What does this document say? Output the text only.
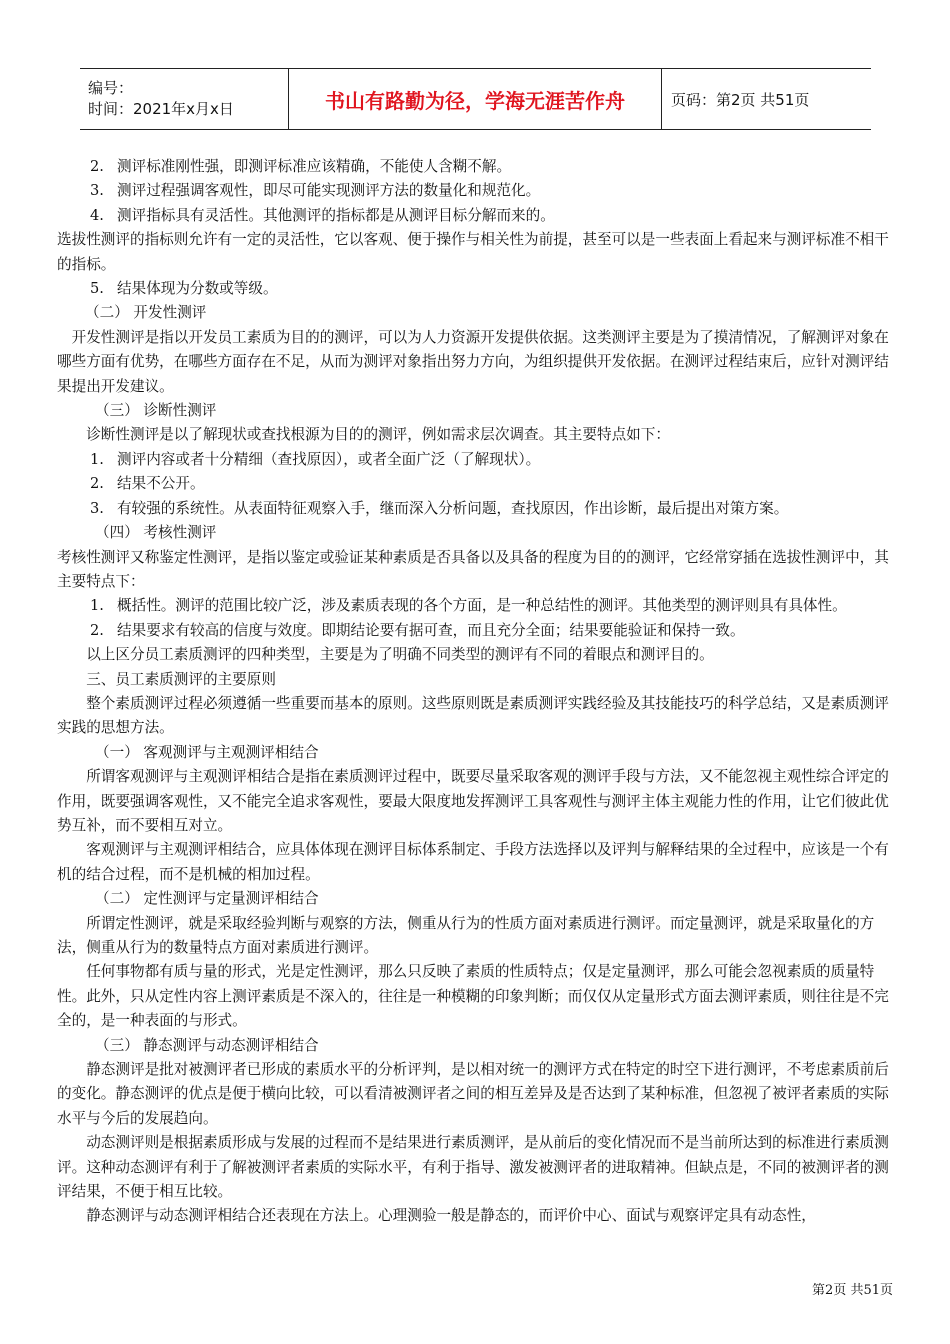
编号：
时间：2021年x月x日	书山有路勤为径，学海无涯苦作舟	页码：第2页 共51页
2. 测评标准刚性强，即测评标准应该精确，不能使人含糊不解。
3. 测评过程强调客观性，即尽可能实现测评方法的数量化和规范化。
4. 测评指标具有灵活性。其他测评的指标都是从测评目标分解而来的。
选拔性测评的指标则允许有一定的灵活性，它以客观、便于操作与相关性为前提，甚至可以是一些表面上看起来与测评标准不相干的指标。
5. 结果体现为分数或等级。
（二） 开发性测评
开发性测评是指以开发员工素质为目的的测评，可以为人力资源开发提供依据。这类测评主要是为了摸清情况，了解测评对象在哪些方面有优势，在哪些方面存在不足，从而为测评对象指出努力方向，为组织提供开发依据。在测评过程结束后，应针对测评结果提出开发建议。
（三） 诊断性测评
诊断性测评是以了解现状或查找根源为目的的测评，例如需求层次调查。其主要特点如下：
1. 测评内容或者十分精细（查找原因），或者全面广泛（了解现状）。
2. 结果不公开。
3. 有较强的系统性。从表面特征观察入手，继而深入分析问题，查找原因，作出诊断，最后提出对策方案。
（四） 考核性测评
考核性测评又称鉴定性测评，是指以鉴定或验证某种素质是否具备以及具备的程度为目的的测评，它经常穿插在选拔性测评中，其主要特点下：
1. 概括性。测评的范围比较广泛，涉及素质表现的各个方面，是一种总结性的测评。其他类型的测评则具有具体性。
2. 结果要求有较高的信度与效度。即期结论要有据可查，而且充分全面；结果要能验证和保持一致。
以上区分员工素质测评的四种类型，主要是为了明确不同类型的测评有不同的着眼点和测评目的。
三、员工素质测评的主要原则
整个素质测评过程必须遵循一些重要而基本的原则。这些原则既是素质测评实践经验及其技能技巧的科学总结，又是素质测评实践的思想方法。
（一） 客观测评与主观测评相结合
所谓客观测评与主观测评相结合是指在素质测评过程中，既要尽量采取客观的测评手段与方法，又不能忽视主观性综合评定的作用，既要强调客观性，又不能完全追求客观性，要最大限度地发挥测评工具客观性与测评主体主观能力性的作用，让它们彼此优势互补，而不要相互对立。
客观测评与主观测评相结合，应具体体现在测评目标体系制定、手段方法选择以及评判与解释结果的全过程中，应该是一个有机的结合过程，而不是机械的相加过程。
（二） 定性测评与定量测评相结合
所谓定性测评，就是采取经验判断与观察的方法，侧重从行为的性质方面对素质进行测评。而定量测评，就是采取量化的方法，侧重从行为的数量特点方面对素质进行测评。
任何事物都有质与量的形式，光是定性测评，那么只反映了素质的性质特点；仅是定量测评，那么可能会忽视素质的质量特性。此外，只从定性内容上测评素质是不深入的，往往是一种模糊的印象判断；而仅仅从定量形式方面去测评素质，则往往是不完全的，是一种表面的与形式。
（三） 静态测评与动态测评相结合
静态测评是批对被测评者已形成的素质水平的分析评判，是以相对统一的测评方式在特定的时空下进行测评，不考虑素质前后的变化。静态测评的优点是便于横向比较，可以看清被测评者之间的相互差异及是否达到了某种标准，但忽视了被评者素质的实际水平与今后的发展趋向。
动态测评则是根据素质形成与发展的过程而不是结果进行素质测评，是从前后的变化情况而不是当前所达到的标准进行素质测评。这种动态测评有利于了解被测评者素质的实际水平，有利于指导、激发被测评者的进取精神。但缺点是，不同的被测评者的测评结果，不便于相互比较。
静态测评与动态测评相结合还表现在方法上。心理测验一般是静态的，而评价中心、面试与观察评定具有动态性，
第2页 共51页
